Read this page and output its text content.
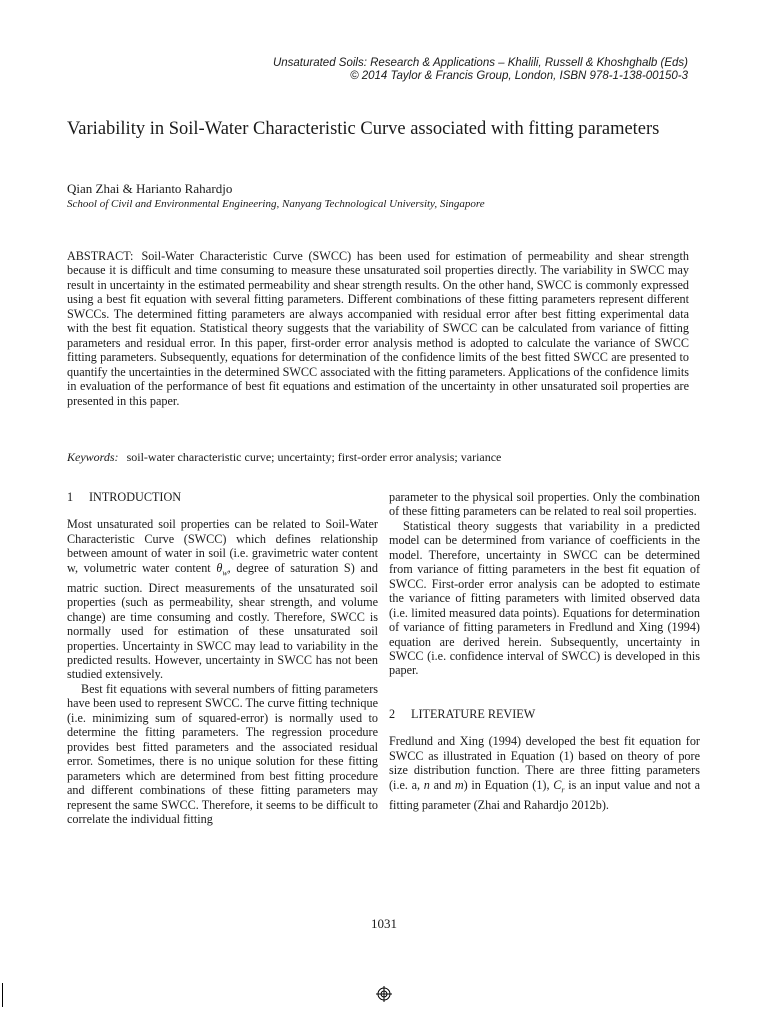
Unsaturated Soils: Research & Applications – Khalili, Russell & Khoshghalb (Eds)
© 2014 Taylor & Francis Group, London, ISBN 978-1-138-00150-3
Variability in Soil-Water Characteristic Curve associated with fitting parameters
Qian Zhai & Harianto Rahardjo
School of Civil and Environmental Engineering, Nanyang Technological University, Singapore
ABSTRACT: Soil-Water Characteristic Curve (SWCC) has been used for estimation of permeability and shear strength because it is difficult and time consuming to measure these unsaturated soil properties directly. The variability in SWCC may result in uncertainty in the estimated permeability and shear strength results. On the other hand, SWCC is commonly expressed using a best fit equation with several fitting parameters. Different combinations of these fitting parameters represent different SWCCs. The determined fitting parameters are always accompanied with residual error after best fitting experimental data with the best fit equation. Statistical theory suggests that the variability of SWCC can be calculated from variance of fitting parameters and residual error. In this paper, first-order error analysis method is adopted to calculate the variance of SWCC fitting parameters. Subsequently, equations for determination of the confidence limits of the best fitted SWCC are presented to quantify the uncertainties in the determined SWCC associated with the fitting parameters. Applications of the confidence limits in evaluation of the performance of best fit equations and estimation of the uncertainty in other unsaturated soil properties are presented in this paper.
Keywords: soil-water characteristic curve; uncertainty; first-order error analysis; variance

1 INTRODUCTION

Most unsaturated soil properties can be related to Soil-Water Characteristic Curve (SWCC) which defines relationship between amount of water in soil (i.e. gravimetric water content w, volumetric water content $\theta_w$, degree of saturation S) and matric suction. Direct measurements of the unsaturated soil properties (such as permeability, shear strength, and volume change) are time consuming and costly. Therefore, SWCC is normally used for estimation of these unsaturated soil properties. Uncertainty in SWCC may lead to variability in the predicted results. However, uncertainty in SWCC has not been studied extensively.

Best fit equations with several numbers of fitting parameters have been used to represent SWCC. The curve fitting technique (i.e. minimizing sum of squared-error) is normally used to determine the fitting parameters. The regression procedure provides best fitted parameters and the associated residual error. Sometimes, there is no unique solution for these fitting parameters which are determined from best fitting procedure and different combinations of these fitting parameters may represent the same SWCC. Therefore, it seems to be difficult to correlate the individual fitting

parameter to the physical soil properties. Only the combination of these fitting parameters can be related to real soil properties.

Statistical theory suggests that variability in a predicted model can be determined from variance of coefficients in the model. Therefore, uncertainty in SWCC can be determined from variance of fitting parameters in the best fit equation of SWCC. First-order error analysis can be adopted to estimate the variance of fitting parameters with limited observed data (i.e. limited measured data points). Equations for determination of variance of fitting parameters in Fredlund and Xing (1994) equation are derived herein. Subsequently, uncertainty in SWCC (i.e. confidence interval of SWCC) is developed in this paper.

2 LITERATURE REVIEW

Fredlund and Xing (1994) developed the best fit equation for SWCC as illustrated in Equation (1) based on theory of pore size distribution function. There are three fitting parameters (i.e. a, n and m) in Equation (1), $C_r$ is an input value and not a fitting parameter (Zhai and Rahardjo 2012b).

1031
